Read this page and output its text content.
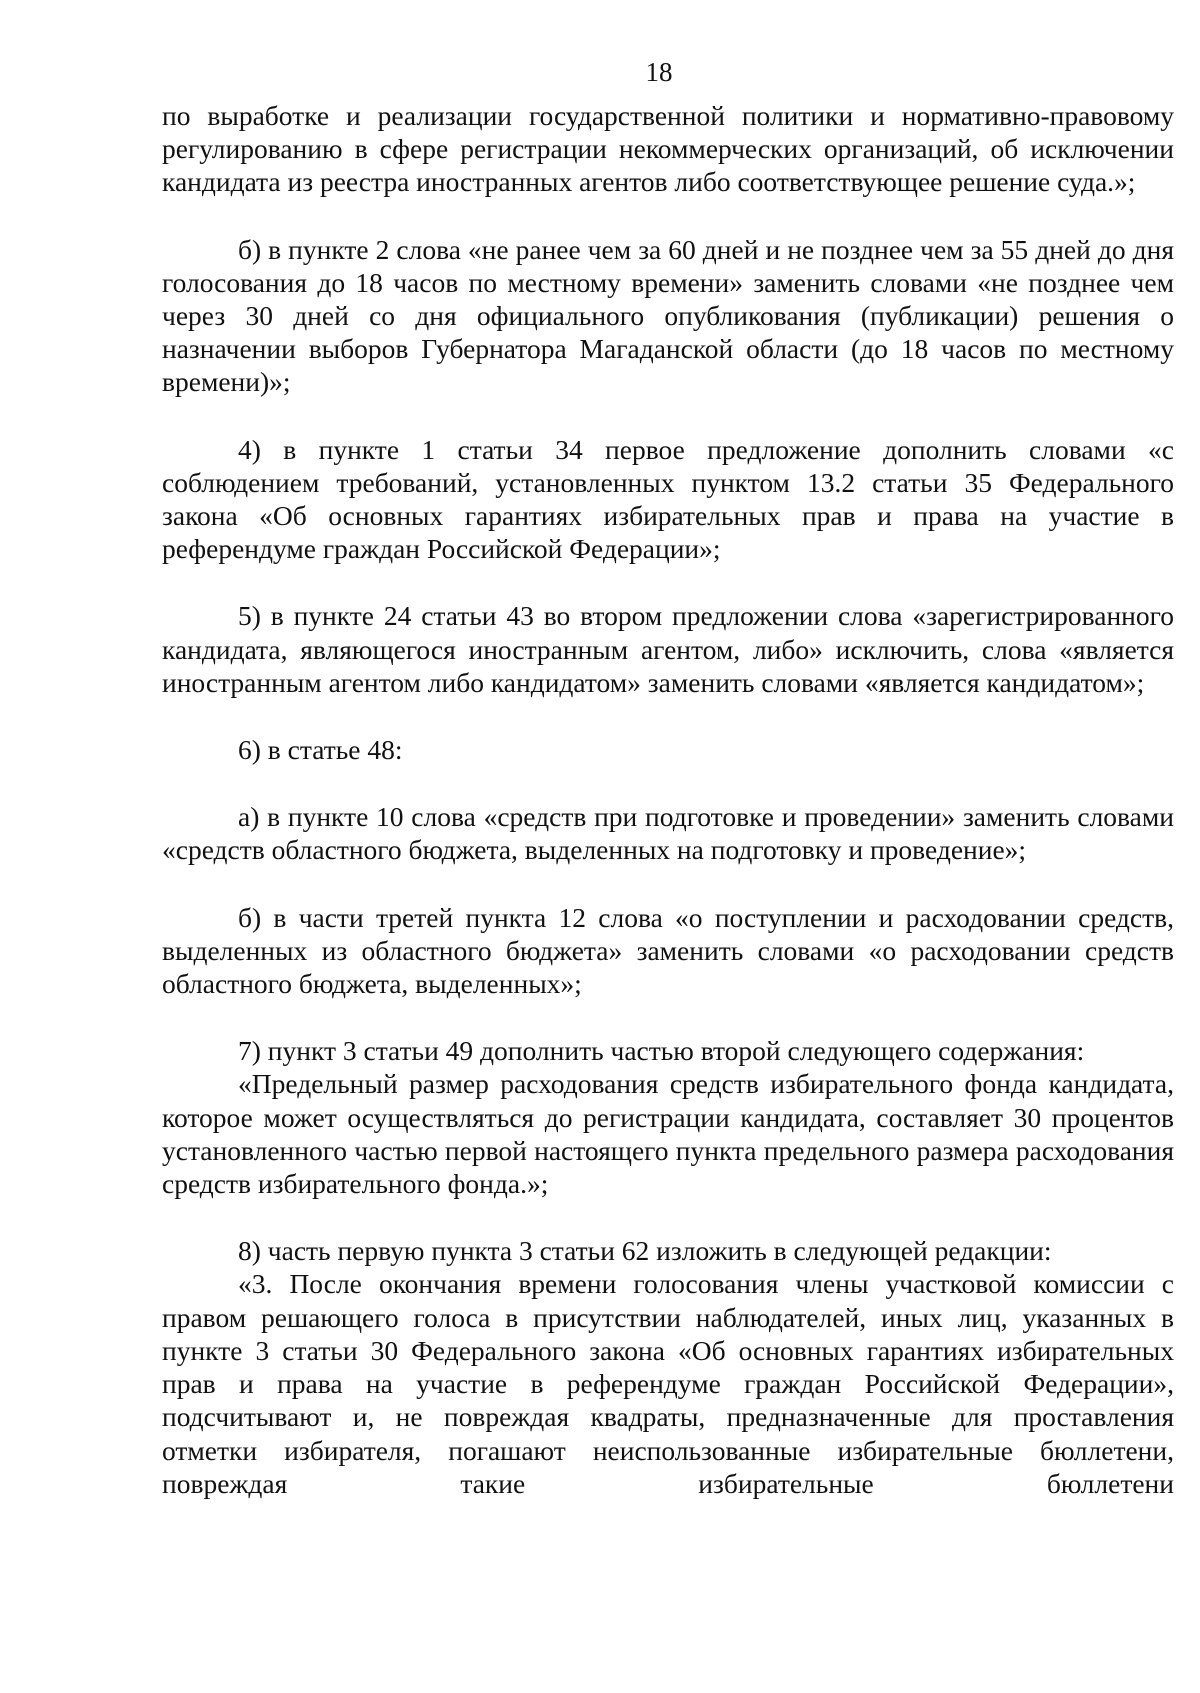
18

по выработке и реализации государственной политики и нормативно-правовому регулированию в сфере регистрации некоммерческих организаций, об исключении кандидата из реестра иностранных агентов либо соответствующее решение суда.»;

б) в пункте 2 слова «не ранее чем за 60 дней и не позднее чем за 55 дней до дня голосования до 18 часов по местному времени» заменить словами «не позднее чем через 30 дней со дня официального опубликования (публикации) решения о назначении выборов Губернатора Магаданской области (до 18 часов по местному времени)»;

4) в пункте 1 статьи 34 первое предложение дополнить словами «с соблюдением требований, установленных пунктом 13.2 статьи 35 Федерального закона «Об основных гарантиях избирательных прав и права на участие в референдуме граждан Российской Федерации»;

5) в пункте 24 статьи 43 во втором предложении слова «зарегистрированного кандидата, являющегося иностранным агентом, либо» исключить, слова «является иностранным агентом либо кандидатом» заменить словами «является кандидатом»;

6) в статье 48:

а) в пункте 10 слова «средств при подготовке и проведении» заменить словами «средств областного бюджета, выделенных на подготовку и проведение»;

б) в части третей пункта 12 слова «о поступлении и расходовании средств, выделенных из областного бюджета» заменить словами «о расходовании средств областного бюджета, выделенных»;

7) пункт 3 статьи 49 дополнить частью второй следующего содержания:

«Предельный размер расходования средств избирательного фонда кандидата, которое может осуществляться до регистрации кандидата, составляет 30 процентов установленного частью первой настоящего пункта предельного размера расходования средств избирательного фонда.»;

8) часть первую пункта 3 статьи 62 изложить в следующей редакции:

«3. После окончания времени голосования члены участковой комиссии с правом решающего голоса в присутствии наблюдателей, иных лиц, указанных в пункте 3 статьи 30 Федерального закона «Об основных гарантиях избирательных прав и права на участие в референдуме граждан Российской Федерации», подсчитывают и, не повреждая квадраты, предназначенные для проставления отметки избирателя, погашают неиспользованные избирательные бюллетени, повреждая такие избирательные бюллетени
